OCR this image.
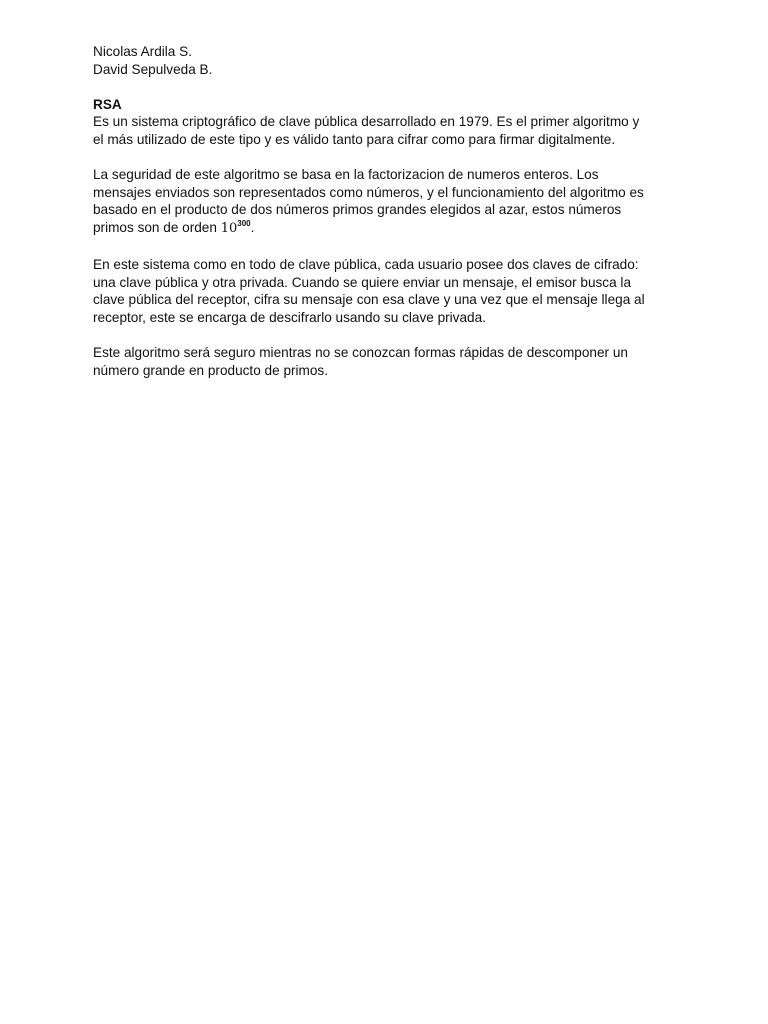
Nicolas Ardila S.
David Sepulveda B.
RSA
Es un sistema criptográfico de clave pública desarrollado en 1979. Es el primer algoritmo y
el más utilizado de este tipo y es válido tanto para cifrar como para firmar digitalmente.
La seguridad de este algoritmo se basa en la factorizacion de numeros enteros. Los
mensajes enviados son representados como números, y el funcionamiento del algoritmo es
basado en el producto de dos números primos grandes elegidos al azar, estos números
primos son de orden $10^{300}$.
En este sistema como en todo de clave pública, cada usuario posee dos claves de cifrado:
una clave pública y otra privada. Cuando se quiere enviar un mensaje, el emisor busca la
clave pública del receptor, cifra su mensaje con esa clave y una vez que el mensaje llega al
receptor, este se encarga de descifrarlo usando su clave privada.
Este algoritmo será seguro mientras no se conozcan formas rápidas de descomponer un
número grande en producto de primos.
